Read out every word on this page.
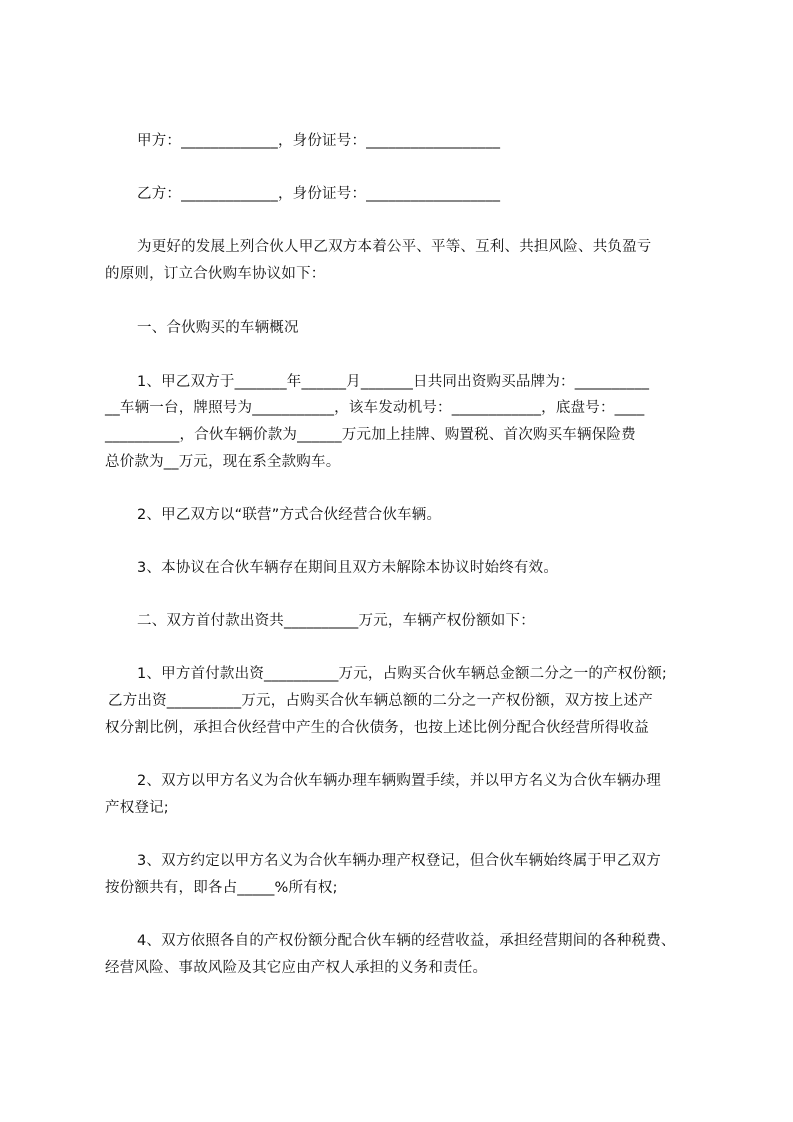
甲方：_____________，身份证号：__________________
乙方：_____________，身份证号：__________________
为更好的发展上列合伙人甲乙双方本着公平、平等、互利、共担风险、共负盈亏
的原则，订立合伙购车协议如下：
一、合伙购买的车辆概况
1、甲乙双方于_______年______月_______日共同出资购买品牌为：__________
__车辆一台，牌照号为___________，该车发动机号：____________，底盘号：____
__________，合伙车辆价款为______万元加上挂牌、购置税、首次购买车辆保险费
总价款为__万元，现在系全款购车。
2、甲乙双方以“联营”方式合伙经营合伙车辆。
3、本协议在合伙车辆存在期间且双方未解除本协议时始终有效。
二、双方首付款出资共__________万元，车辆产权份额如下：
1、甲方首付款出资__________万元，占购买合伙车辆总金额二分之一的产权份额;
乙方出资__________万元，占购买合伙车辆总额的二分之一产权份额，双方按上述产
权分割比例，承担合伙经营中产生的合伙债务，也按上述比例分配合伙经营所得收益
2、双方以甲方名义为合伙车辆办理车辆购置手续，并以甲方名义为合伙车辆办理
产权登记;
3、双方约定以甲方名义为合伙车辆办理产权登记，但合伙车辆始终属于甲乙双方
按份额共有，即各占_____%所有权;
4、双方依照各自的产权份额分配合伙车辆的经营收益，承担经营期间的各种税费、
经营风险、事故风险及其它应由产权人承担的义务和责任。
